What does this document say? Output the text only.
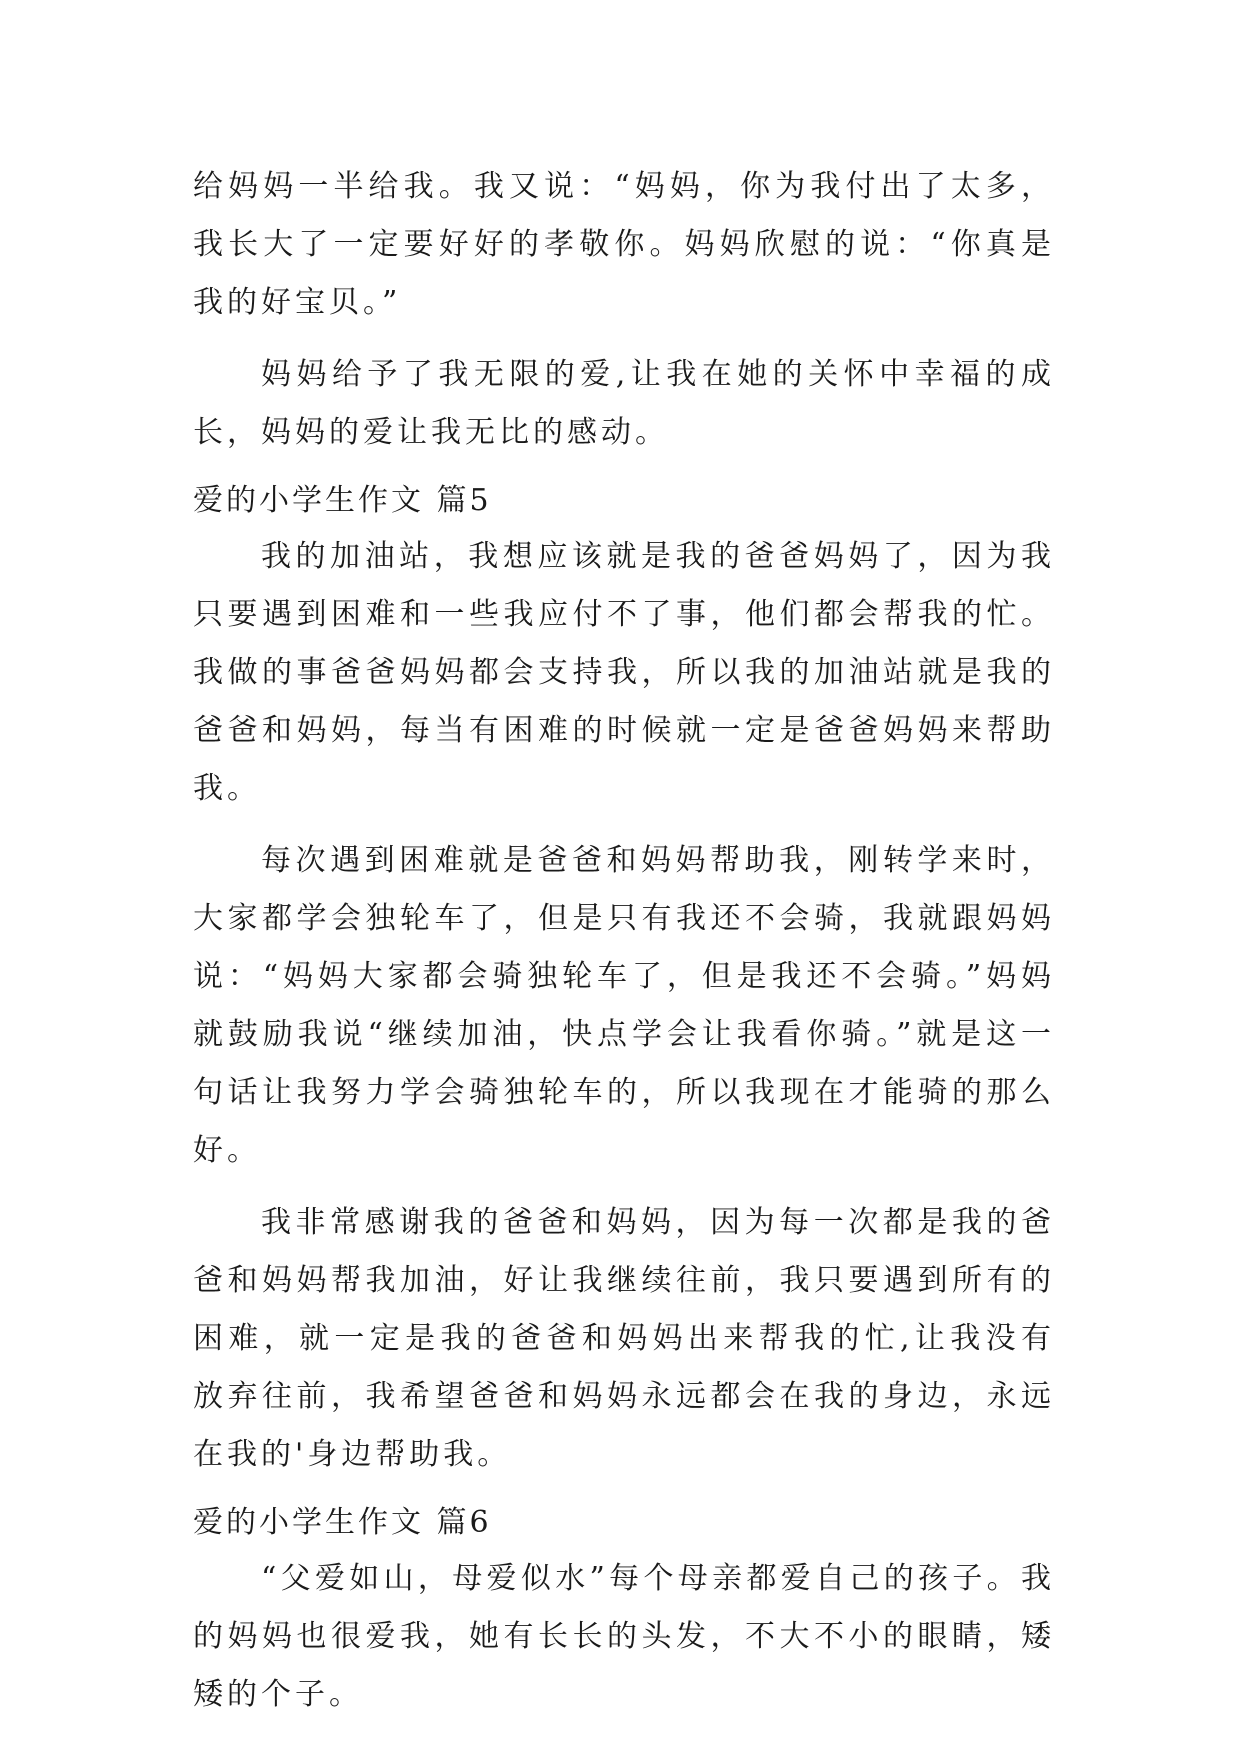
给妈妈一半给我。我又说：“妈妈，你为我付出了太多，我长大了一定要好好的孝敬你。妈妈欣慰的说：“你真是我的好宝贝。”

妈妈给予了我无限的爱,让我在她的关怀中幸福的成长，妈妈的爱让我无比的感动。

爱的小学生作文 篇5

我的加油站，我想应该就是我的爸爸妈妈了，因为我只要遇到困难和一些我应付不了事，他们都会帮我的忙。我做的事爸爸妈妈都会支持我，所以我的加油站就是我的爸爸和妈妈，每当有困难的时候就一定是爸爸妈妈来帮助我。

每次遇到困难就是爸爸和妈妈帮助我，刚转学来时，大家都学会独轮车了，但是只有我还不会骑，我就跟妈妈说：“妈妈大家都会骑独轮车了，但是我还不会骑。”妈妈就鼓励我说“继续加油，快点学会让我看你骑。”就是这一句话让我努力学会骑独轮车的，所以我现在才能骑的那么好。

我非常感谢我的爸爸和妈妈，因为每一次都是我的爸爸和妈妈帮我加油，好让我继续往前，我只要遇到所有的困难，就一定是我的爸爸和妈妈出来帮我的忙,让我没有放弃往前，我希望爸爸和妈妈永远都会在我的身边，永远在我的'身边帮助我。

爱的小学生作文 篇6

“父爱如山，母爱似水”每个母亲都爱自己的孩子。我的妈妈也很爱我，她有长长的头发，不大不小的眼睛，矮矮的个子。
